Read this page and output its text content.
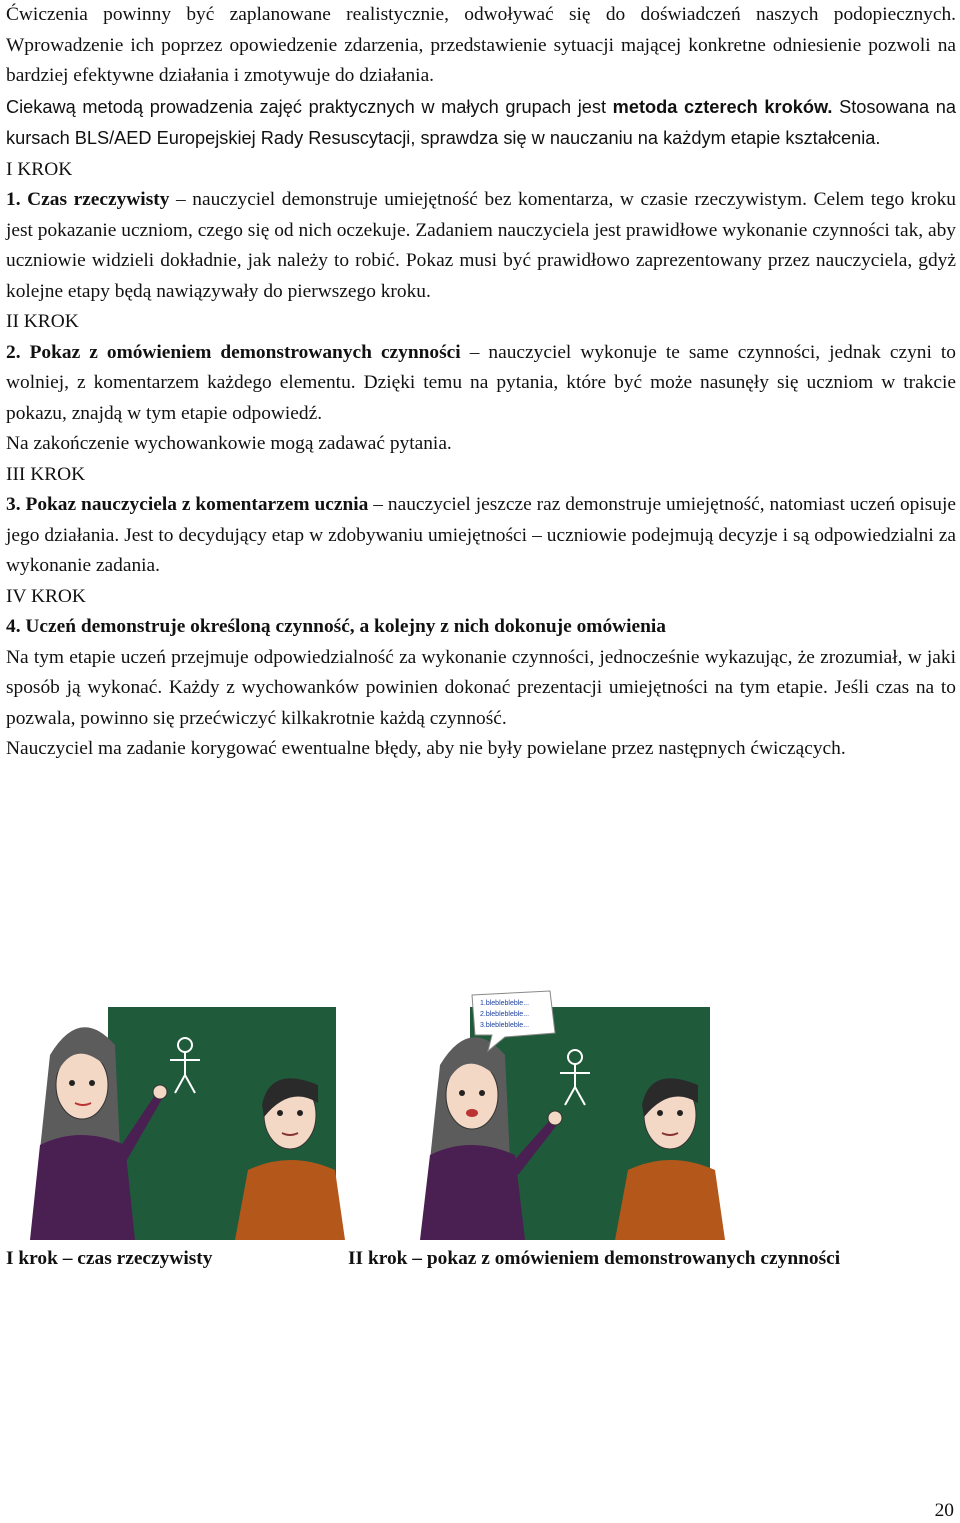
Ćwiczenia powinny być zaplanowane realistycznie, odwoływać się do doświadczeń naszych podopiecznych. Wprowadzenie ich poprzez opowiedzenie zdarzenia, przedstawienie sytuacji mającej konkretne odniesienie pozwoli na bardziej efektywne działania i zmotywuje do działania.

Ciekawą metodą prowadzenia zajęć praktycznych w małych grupach jest metoda czterech kroków. Stosowana na kursach BLS/AED Europejskiej Rady Resuscytacji, sprawdza się w nauczaniu na każdym etapie kształcenia.

I KROK

1. Czas rzeczywisty – nauczyciel demonstruje umiejętność bez komentarza, w czasie rzeczywistym. Celem tego kroku jest pokazanie uczniom, czego się od nich oczekuje. Zadaniem nauczyciela jest prawidłowe wykonanie czynności tak, aby uczniowie widzieli dokładnie, jak należy to robić. Pokaz musi być prawidłowo zaprezentowany przez nauczyciela, gdyż kolejne etapy będą nawiązywały do pierwszego kroku.

II KROK

2. Pokaz z omówieniem demonstrowanych czynności – nauczyciel wykonuje te same czynności, jednak czyni to wolniej, z komentarzem każdego elementu. Dzięki temu na pytania, które być może nasunęły się uczniom w trakcie pokazu, znajdą w tym etapie odpowiedź.

Na zakończenie wychowankowie mogą zadawać pytania.

III KROK

3. Pokaz nauczyciela z komentarzem ucznia – nauczyciel jeszcze raz demonstruje umiejętność, natomiast uczeń opisuje jego działania. Jest to decydujący etap w zdobywaniu umiejętności – uczniowie podejmują decyzje i są odpowiedzialni za wykonanie zadania.

IV KROK

4. Uczeń demonstruje określoną czynność, a kolejny z nich dokonuje omówienia

Na tym etapie uczeń przejmuje odpowiedzialność za wykonanie czynności, jednocześnie wykazując, że zrozumiał, w jaki sposób ją wykonać. Każdy z wychowanków powinien dokonać prezentacji umiejętności na tym etapie. Jeśli czas na to pozwala, powinno się przećwiczyć kilkakrotnie każdą czynność.

Nauczyciel ma zadanie korygować ewentualne błędy, aby nie były powielane przez następnych ćwiczących.

1.bleblebleble...
2.bleblebleble...
3.bleblebleble...
I krok – czas rzeczywisty	II krok – pokaz z omówieniem demonstrowanych czynności
20
